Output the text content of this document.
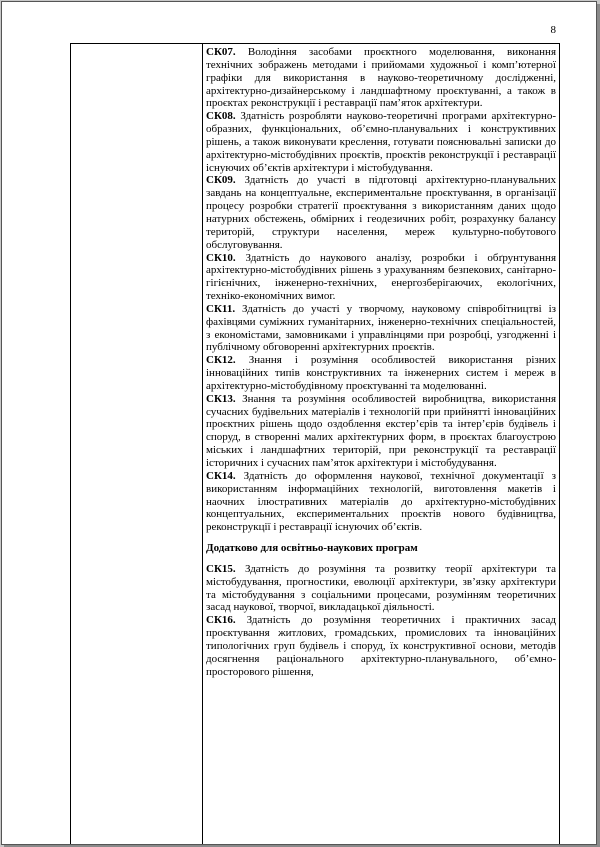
8

СК07. Володіння засобами проєктного моделювання, виконання технічних зображень методами і прийомами художньої і комп’ютерної графіки для використання в науково-теоретичному дослідженні, архітектурно-дизайнерському і ландшафтному проєктуванні, а також в проєктах реконструкції і реставрації пам’яток архітектури.

СК08. Здатність розробляти науково-теоретичні програми архітектурно-образних, функціональних, об’ємно-планувальних і конструктивних рішень, а також виконувати креслення, готувати пояснювальні записки до архітектурно-містобудівних проєктів, проєктів реконструкції і реставрації існуючих об’єктів архітектури і містобудування.

СК09. Здатність до участі в підготовці архітектурно-планувальних завдань на концептуальне, експериментальне проєктування, в організації процесу розробки стратегії проєктування з використанням даних щодо натурних обстежень, обмірних і геодезичних робіт, розрахунку балансу територій, структури населення, мереж культурно-побутового обслуговування.

СК10. Здатність до наукового аналізу, розробки і обґрунтування архітектурно-містобудівних рішень з урахуванням безпекових, санітарно-гігієнічних, інженерно-технічних, енергозберігаючих, екологічних, техніко-економічних вимог.

СК11. Здатність до участі у творчому, науковому співробітництві із фахівцями суміжних гуманітарних, інженерно-технічних спеціальностей, з економістами, замовниками і управлінцями при розробці, узгодженні і публічному обговоренні архітектурних проєктів.

СК12. Знання і розуміння особливостей використання різних інноваційних типів конструктивних та інженерних систем і мереж в архітектурно-містобудівному проєктуванні та моделюванні.

СК13. Знання та розуміння особливостей виробництва, використання сучасних будівельних матеріалів і технологій при прийнятті інноваційних проєктних рішень щодо оздоблення екстер’єрів та інтер’єрів будівель і споруд, в створенні малих архітектурних форм, в проєктах благоустрою міських і ландшафтних територій, при реконструкції та реставрації історичних і сучасних пам’яток архітектури і містобудування.

СК14. Здатність до оформлення наукової, технічної документації з використанням інформаційних технологій, виготовлення макетів і наочних ілюстративних матеріалів до архітектурно-містобудівних концептуальних, експериментальних проєктів нового будівництва, реконструкції і реставрації існуючих об’єктів.

Додатково для освітньо-наукових програм

СК15. Здатність до розуміння та розвитку теорії архітектури та містобудування, прогностики, еволюції архітектури, зв’язку архітектури та містобудування з соціальними процесами, розумінням теоретичних засад наукової, творчої, викладацької діяльності.

СК16. Здатність до розуміння теоретичних і практичних засад проєктування житлових, громадських, промислових та інноваційних типологічних груп будівель і споруд, їх конструктивної основи, методів досягнення раціонального архітектурно-планувального, об’ємно-просторового рішення,
